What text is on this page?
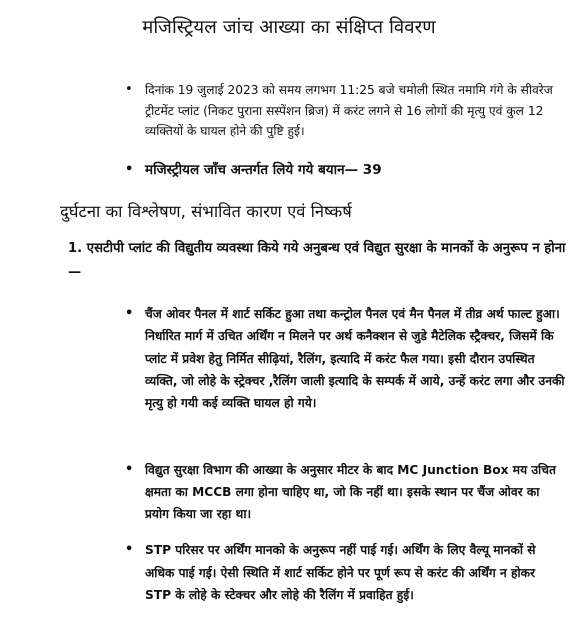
मजिस्ट्रियल जांच आख्या का संक्षिप्त विवरण
• दिनांक 19 जुलाई 2023 को समय लगभग 11:25 बजे चमोली स्थित नमामि गंगे के सीवरेज ट्रीटमेंट प्लांट (निकट पुराना सस्पेंशन ब्रिज) में करंट लगने से 16 लोगों की मृत्यु एवं कुल 12 व्यक्तियों के घायल होने की पुष्टि हुई।
• मजिस्ट्रीयल जाँच अन्तर्गत लिये गये बयान— 39
दुर्घटना का विश्लेषण, संभावित कारण एवं निष्कर्ष
1. एसटीपी प्लांट की विद्युतीय व्यवस्था किये गये अनुबन्ध एवं विद्युत सुरक्षा के मानकों के अनुरूप न होना—
• चैंज ओवर पैनल में शार्ट सर्किट हुआ तथा कन्ट्रोल पैनल एवं मैन पैनल में तीव्र अर्थ फाल्ट हुआ। निर्धारित मार्ग में उचित अर्थिंग न मिलने पर अर्थ कनैक्शन से जुडे मैटेलिक स्ट्रैक्चर, जिसमें कि प्लांट में प्रवेश हेतु निर्मित सीढ़ियां, रैलिंग, इत्यादि में करंट फैल गया। इसी दौरान उपस्थित व्यक्ति, जो लोहे के स्ट्रेक्चर ,रैलिंग जाली इत्यादि के सम्पर्क में आये, उन्हें करंट लगा और उनकी मृत्यु हो गयी कई व्यक्ति घायल हो गये।
• विद्युत सुरक्षा विभाग की आख्या के अनुसार मीटर के बाद MC Junction Box मय उचित क्षमता का MCCB लगा होना चाहिए था, जो कि नहीं था। इसके स्थान पर चैंज ओवर का प्रयोग किया जा रहा था।
• STP परिसर पर अर्थिंग मानको के अनुरूप नहीं पाई गई। अर्थिंग के लिए वैल्यू मानकों से अधिक पाई गई। ऐसी स्थिति में शार्ट सर्किट होने पर पूर्ण रूप से करंट की अर्थिंग न होकर STP के लोहे के स्टेक्चर और लोहे की रैलिंग में प्रवाहित हुई।
